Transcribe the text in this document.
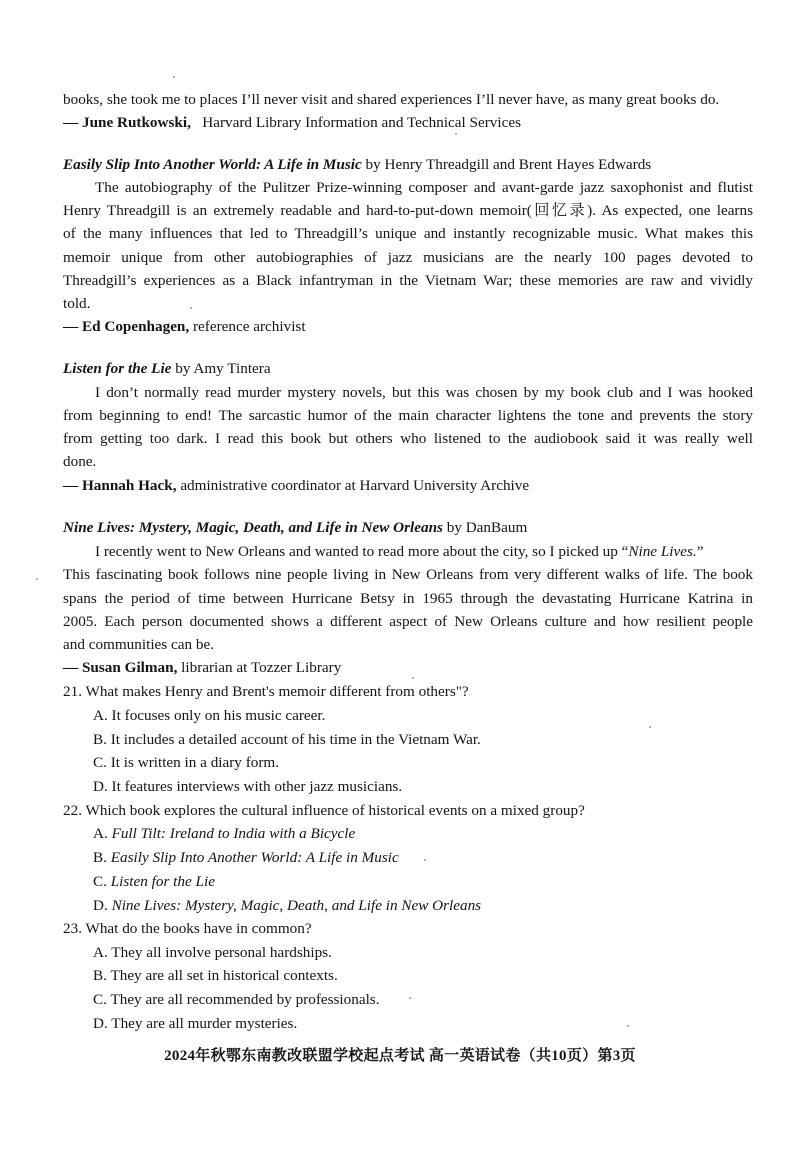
books, she took me to places I’ll never visit and shared experiences I’ll never have, as many great books do.
— June Rutkowski, Harvard Library Information and Technical Services
Easily Slip Into Another World: A Life in Music by Henry Threadgill and Brent Hayes Edwards
The autobiography of the Pulitzer Prize-winning composer and avant-garde jazz saxophonist and flutist
Henry Threadgill is an extremely readable and hard-to-put-down memoir(回忆录). As expected, one learns
of the many influences that led to Threadgill’s unique and instantly recognizable music. What makes this
memoir unique from other autobiographies of jazz musicians are the nearly 100 pages devoted to
Threadgill’s experiences as a Black infantryman in the Vietnam War; these memories are raw and vividly
told.
— Ed Copenhagen, reference archivist
Listen for the Lie by Amy Tintera
I don’t normally read murder mystery novels, but this was chosen by my book club and I was hooked
from beginning to end! The sarcastic humor of the main character lightens the tone and prevents the story
from getting too dark. I read this book but others who listened to the audiobook said it was really well
done.
— Hannah Hack, administrative coordinator at Harvard University Archive
Nine Lives: Mystery, Magic, Death, and Life in New Orleans by DanBaum
I recently went to New Orleans and wanted to read more about the city, so I picked up “Nine Lives.”
This fascinating book follows nine people living in New Orleans from very different walks of life. The book
spans the period of time between Hurricane Betsy in 1965 through the devastating Hurricane Katrina in
2005. Each person documented shows a different aspect of New Orleans culture and how resilient people
and communities can be.
— Susan Gilman, librarian at Tozzer Library
21. What makes Henry and Brent's memoir different from others"?
A. It focuses only on his music career.
B. It includes a detailed account of his time in the Vietnam War.
C. It is written in a diary form.
D. It features interviews with other jazz musicians.
22. Which book explores the cultural influence of historical events on a mixed group?
A. Full Tilt: Ireland to India with a Bicycle
B. Easily Slip Into Another World: A Life in Music
C. Listen for the Lie
D. Nine Lives: Mystery, Magic, Death, and Life in New Orleans
23. What do the books have in common?
A. They all involve personal hardships.
B. They are all set in historical contexts.
C. They are all recommended by professionals.
D. They are all murder mysteries.
2024年秋鄂东南教改联盟学校起点考试 高一英语试卷（共10页）第3页
